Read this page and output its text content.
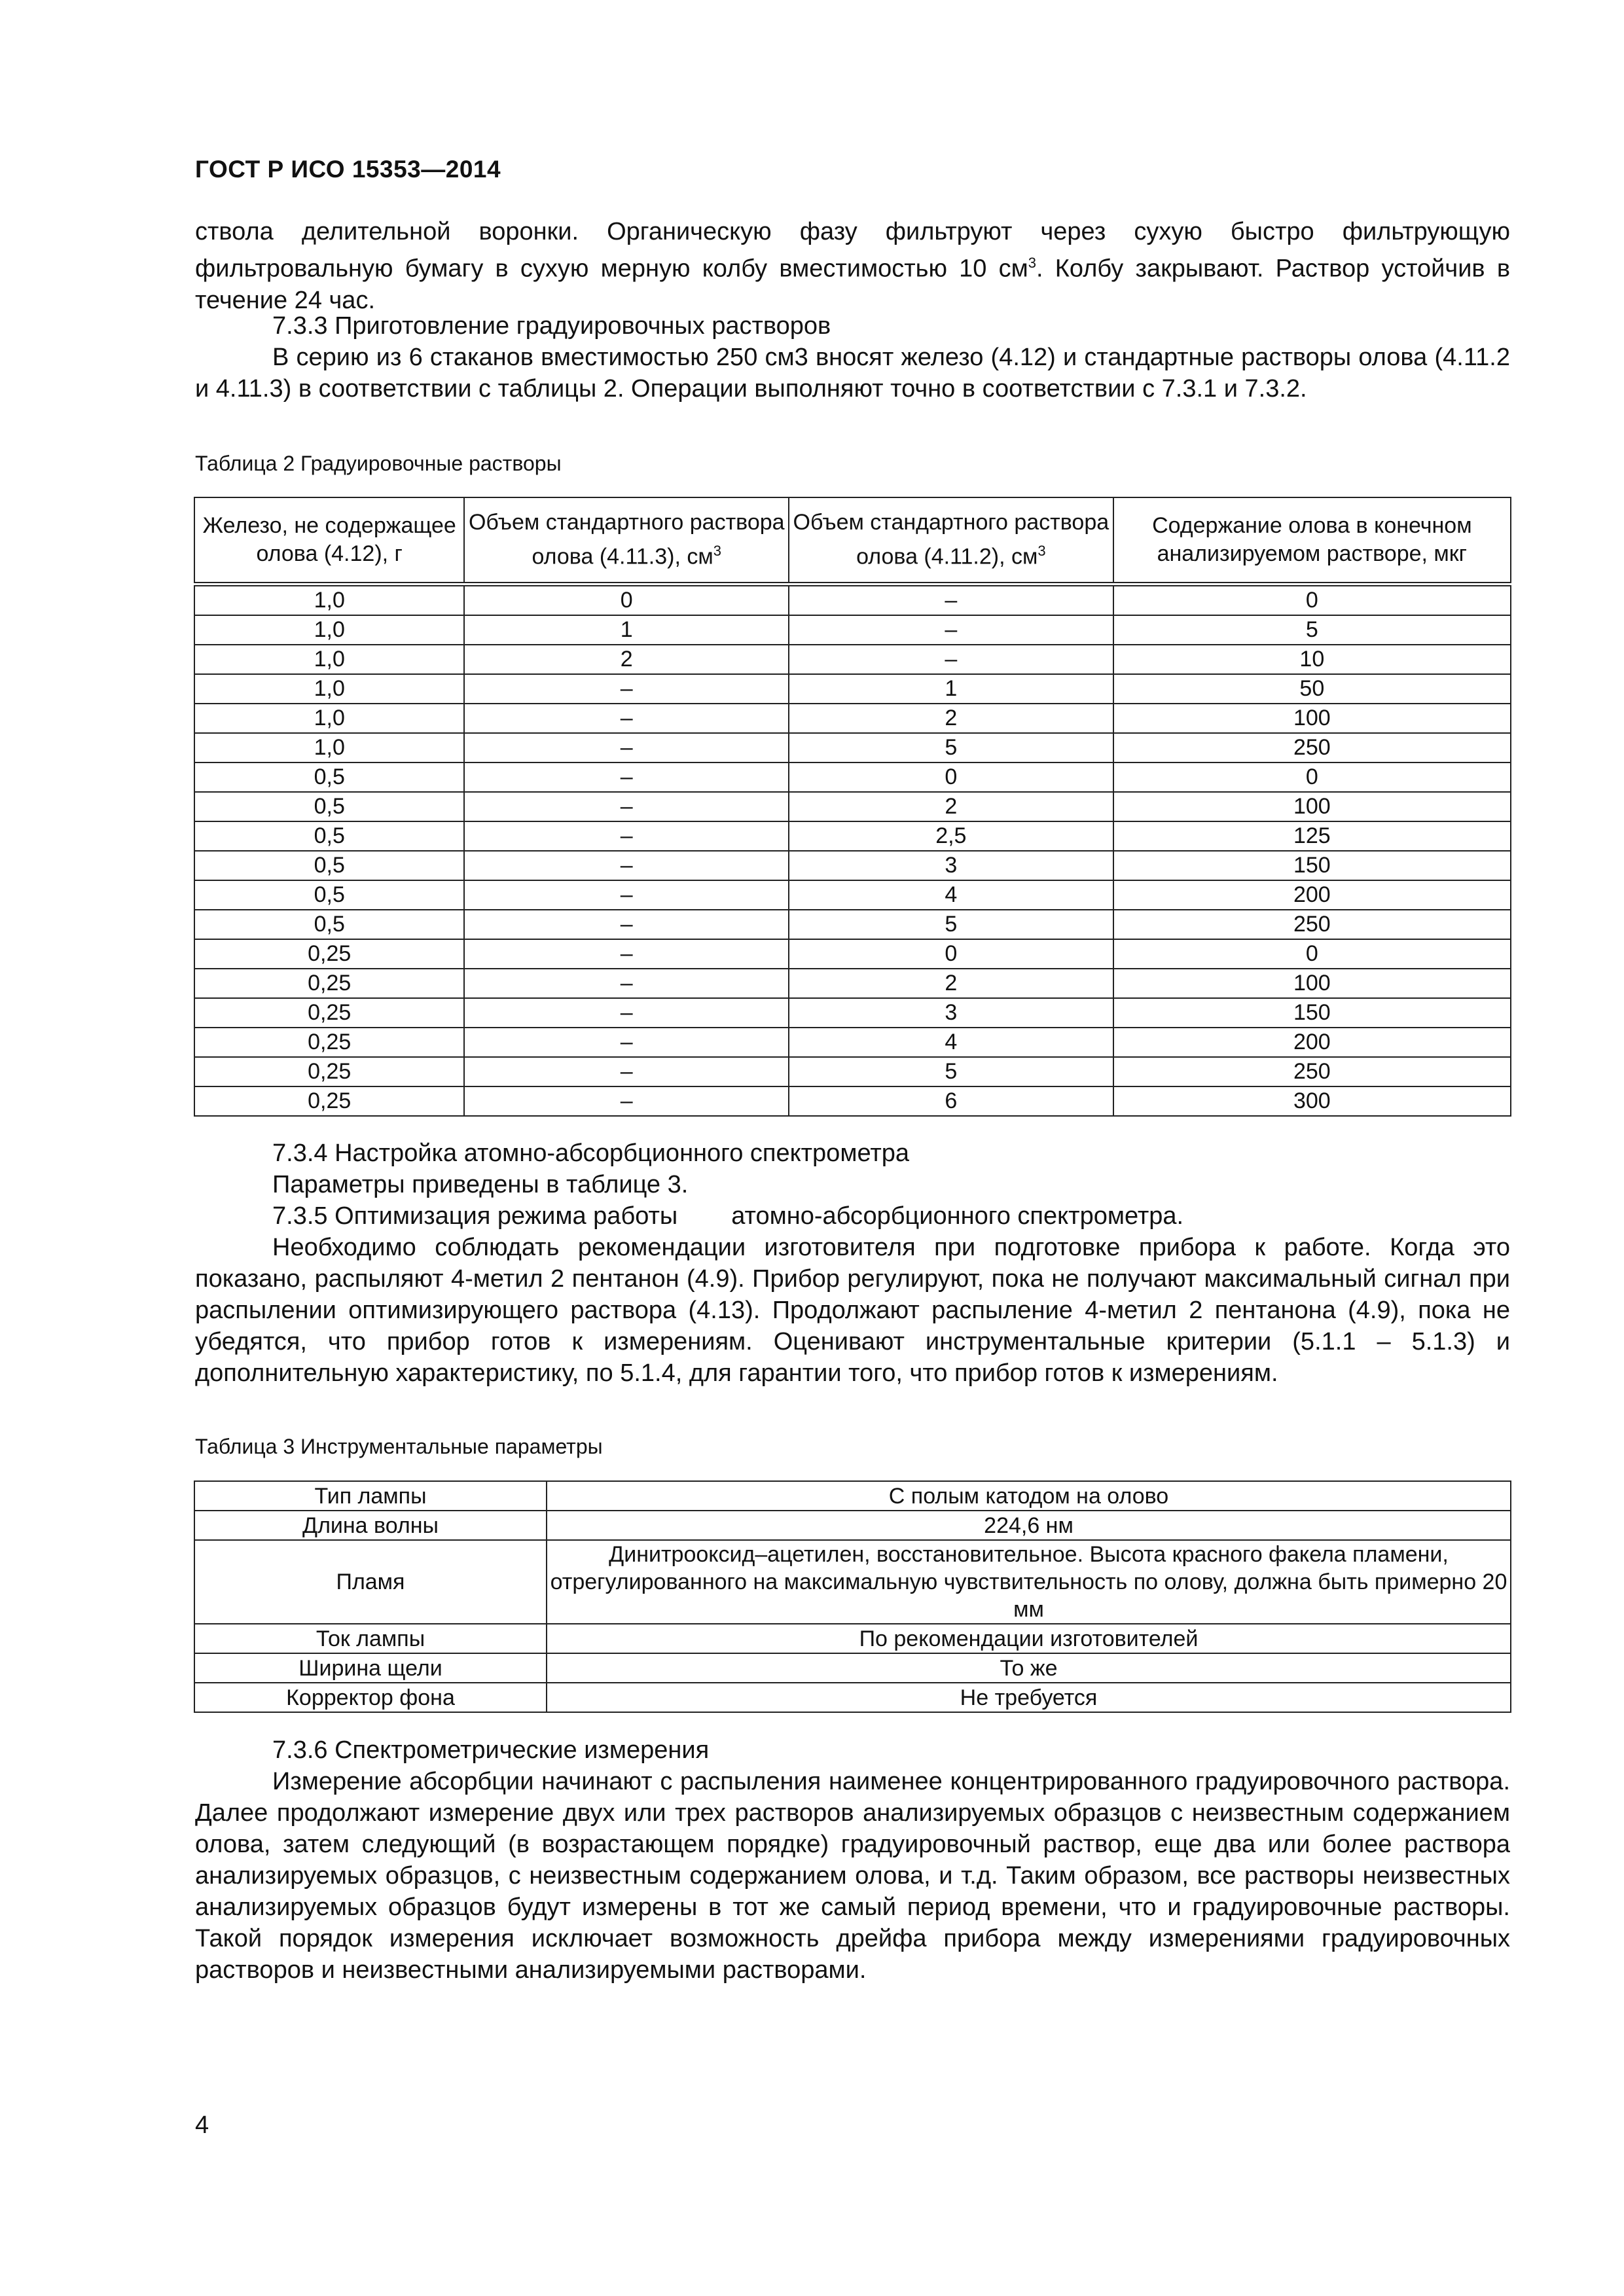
ГОСТ Р ИСО 15353—2014

ствола делительной воронки. Органическую фазу фильтруют через сухую быстро фильтрующую фильтровальную бумагу в сухую мерную колбу вместимостью 10 $см^3$. Колбу закрывают. Раствор устойчив в течение 24 час.

7.3.3 Приготовление градуировочных растворов

В серию из 6 стаканов вместимостью 250 см3 вносят железо (4.12) и стандартные растворы олова (4.11.2 и 4.11.3) в соответствии с таблицы 2. Операции выполняют точно в соответствии с 7.3.1 и 7.3.2.

Таблица 2 Градуировочные растворы
Железо, не содержащее олова (4.12), г	Объем стандартного раствора олова (4.11.3), $см^3$	Объем стандартного раствора олова (4.11.2), $см^3$	Содержание олова в конечном анализируемом растворе, мкг
1,0	0	–	0
1,0	1	–	5
1,0	2	–	10
1,0	–	1	50
1,0	–	2	100
1,0	–	5	250
0,5	–	0	0
0,5	–	2	100
0,5	–	2,5	125
0,5	–	3	150
0,5	–	4	200
0,5	–	5	250
0,25	–	0	0
0,25	–	2	100
0,25	–	3	150
0,25	–	4	200
0,25	–	5	250
0,25	–	6	300

7.3.4 Настройка атомно-абсорбционного спектрометра

Параметры приведены в таблице 3.

7.3.5 Оптимизация режима работы атомно-абсорбционного спектрометра.

Необходимо соблюдать рекомендации изготовителя при подготовке прибора к работе. Когда это показано, распыляют 4-метил 2 пентанон (4.9). Прибор регулируют, пока не получают максимальный сигнал при распылении оптимизирующего раствора (4.13). Продолжают распыление 4-метил 2 пентанона (4.9), пока не убедятся, что прибор готов к измерениям. Оценивают инструментальные критерии (5.1.1 – 5.1.3) и дополнительную характеристику, по 5.1.4, для гарантии того, что прибор готов к измерениям.

Таблица 3 Инструментальные параметры
Тип лампы	С полым катодом на олово
Длина волны	224,6 нм
Пламя	Динитрооксид–ацетилен, восстановительное. Высота красного факела пламени, отрегулированного на максимальную чувствительность по олову, должна быть примерно 20 мм
Ток лампы	По рекомендации изготовителей
Ширина щели	То же
Корректор фона	Не требуется

7.3.6 Спектрометрические измерения

Измерение абсорбции начинают с распыления наименее концентрированного градуировочного раствора. Далее продолжают измерение двух или трех растворов анализируемых образцов с неизвестным содержанием олова, затем следующий (в возрастающем порядке) градуировочный раствор, еще два или более раствора анализируемых образцов, с неизвестным содержанием олова, и т.д. Таким образом, все растворы неизвестных анализируемых образцов будут измерены в тот же самый период времени, что и градуировочные растворы. Такой порядок измерения исключает возможность дрейфа прибора между измерениями градуировочных растворов и неизвестными анализируемыми растворами.

4
